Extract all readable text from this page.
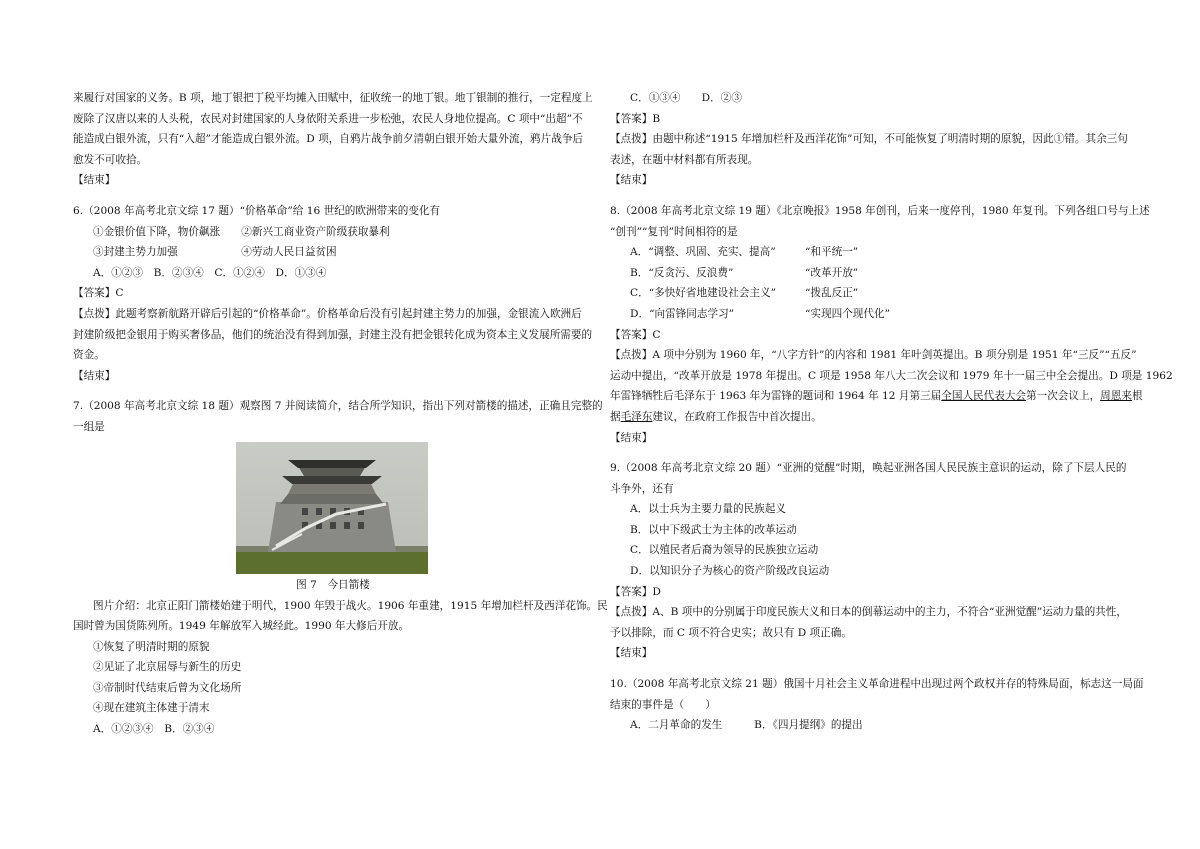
来履行对国家的义务。B 项，地丁银把丁税平均摊入田赋中，征收统一的地丁银。地丁银制的推行，一定程度上
废除了汉唐以来的人头税，农民对封建国家的人身依附关系进一步松弛，农民人身地位提高。C 项中“出超”不
能造成白银外流，只有“入超”才能造成白银外流。D 项，自鸦片战争前夕清朝白银开始大量外流，鸦片战争后
愈发不可收拾。
【结束】
6.（2008 年高考北京文综 17 题）“价格革命”给 16 世纪的欧洲带来的变化有
①金银价值下降，物价飙涨　　②新兴工商业资产阶级获取暴利
③封建主势力加强　　　　　　④劳动人民日益贫困
A．①②③　B．②③④　C．①②④　D．①③④
【答案】C
【点拨】此题考察新航路开辟后引起的“价格革命”。价格革命后没有引起封建主势力的加强，金银流入欧洲后
封建阶级把金银用于购买奢侈品，他们的统治没有得到加强，封建主没有把金银转化成为资本主义发展所需要的
资金。
【结束】
7.（2008 年高考北京文综 18 题）观察图 7 并阅读简介，结合所学知识，指出下列对箭楼的描述，正确且完整的
一组是
图 7　今日箭楼
图片介绍：北京正阳门箭楼始建于明代，1900 年毁于战火。1906 年重建，1915 年增加栏杆及西洋花饰。民
国时曾为国货陈列所。1949 年解放军入城经此。1990 年大修后开放。
①恢复了明清时期的原貌
②见证了北京屈辱与新生的历史
③帝制时代结束后曾为文化场所
④现在建筑主体建于清末
A．①②③④　B．②③④
C．①③④　　D．②③
【答案】B
【点拨】由题中称述“1915 年增加栏杆及西洋花饰”可知，不可能恢复了明清时期的原貌，因此①错。其余三句
表述，在题中材料都有所表现。
【结束】
8.（2008 年高考北京文综 19 题）《北京晚报》1958 年创刊，后来一度停刊，1980 年复刊。下列各组口号与上述
“创刊”“复刊”时间相符的是
A．“调整、巩固、充实、提高”	“和平统一”
B．“反贪污、反浪费”	“改革开放”
C．“多快好省地建设社会主义”	“拨乱反正”
D．“向雷锋同志学习”	“实现四个现代化”
【答案】C
【点拨】A 项中分别为 1960 年，“八字方针”的内容和 1981 年叶剑英提出。B 项分别是 1951 年“三反”“五反”
运动中提出，“改革开放是 1978 年提出。C 项是 1958 年八大二次会议和 1979 年十一届三中全会提出。D 项是 1962
年雷锋牺牲后毛泽东于 1963 年为雷锋的题词和 1964 年 12 月第三届全国人民代表大会第一次会议上，周恩来根
据毛泽东建议，在政府工作报告中首次提出。
【结束】
9.（2008 年高考北京文综 20 题）“亚洲的觉醒”时期，唤起亚洲各国人民民族主意识的运动，除了下层人民的
斗争外，还有
A．以士兵为主要力量的民族起义
B．以中下级武士为主体的改革运动
C．以殖民者后裔为领导的民族独立运动
D．以知识分子为核心的资产阶级改良运动
【答案】D
【点拨】A、B 项中的分别属于印度民族大义和日本的倒幕运动中的主力，不符合“亚洲觉醒”运动力量的共性，
予以排除，而 C 项不符合史实；故只有 D 项正确。
【结束】
10.（2008 年高考北京文综 21 题）俄国十月社会主义革命进程中出现过两个政权并存的特殊局面，标志这一局面
结束的事件是（　　）
A．二月革命的发生　　　B．《四月提纲》的提出
